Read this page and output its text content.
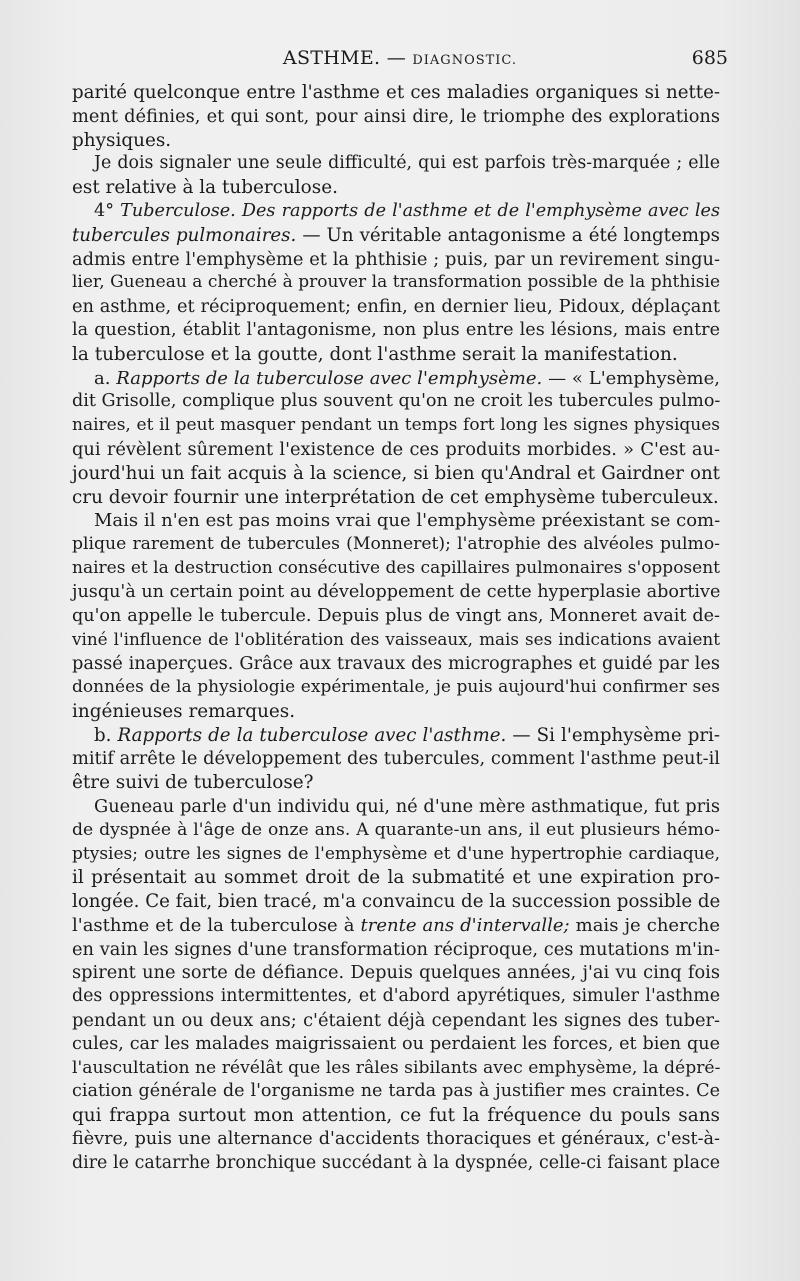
ASTHME. — DIAGNOSTIC.	685
parité quelconque entre l'asthme et ces maladies organiques si nette-
ment définies, et qui sont, pour ainsi dire, le triomphe des explorations
physiques.
Je dois signaler une seule difficulté, qui est parfois très-marquée ; elle
est relative à la tuberculose.
4° Tuberculose. Des rapports de l'asthme et de l'emphysème avec les
tubercules pulmonaires. — Un véritable antagonisme a été longtemps
admis entre l'emphysème et la phthisie ; puis, par un revirement singu-
lier, Gueneau a cherché à prouver la transformation possible de la phthisie
en asthme, et réciproquement; enfin, en dernier lieu, Pidoux, déplaçant
la question, établit l'antagonisme, non plus entre les lésions, mais entre
la tuberculose et la goutte, dont l'asthme serait la manifestation.
a. Rapports de la tuberculose avec l'emphysème. — « L'emphysème,
dit Grisolle, complique plus souvent qu'on ne croit les tubercules pulmo-
naires, et il peut masquer pendant un temps fort long les signes physiques
qui révèlent sûrement l'existence de ces produits morbides. » C'est au-
jourd'hui un fait acquis à la science, si bien qu'Andral et Gairdner ont
cru devoir fournir une interprétation de cet emphysème tuberculeux.
Mais il n'en est pas moins vrai que l'emphysème préexistant se com-
plique rarement de tubercules (Monneret); l'atrophie des alvéoles pulmo-
naires et la destruction consécutive des capillaires pulmonaires s'opposent
jusqu'à un certain point au développement de cette hyperplasie abortive
qu'on appelle le tubercule. Depuis plus de vingt ans, Monneret avait de-
viné l'influence de l'oblitération des vaisseaux, mais ses indications avaient
passé inaperçues. Grâce aux travaux des micrographes et guidé par les
données de la physiologie expérimentale, je puis aujourd'hui confirmer ses
ingénieuses remarques.
b. Rapports de la tuberculose avec l'asthme. — Si l'emphysème pri-
mitif arrête le développement des tubercules, comment l'asthme peut-il
être suivi de tuberculose?
Gueneau parle d'un individu qui, né d'une mère asthmatique, fut pris
de dyspnée à l'âge de onze ans. A quarante-un ans, il eut plusieurs hémo-
ptysies; outre les signes de l'emphysème et d'une hypertrophie cardiaque,
il présentait au sommet droit de la submatité et une expiration pro-
longée. Ce fait, bien tracé, m'a convaincu de la succession possible de
l'asthme et de la tuberculose à trente ans d'intervalle; mais je cherche
en vain les signes d'une transformation réciproque, ces mutations m'in-
spirent une sorte de défiance. Depuis quelques années, j'ai vu cinq fois
des oppressions intermittentes, et d'abord apyrétiques, simuler l'asthme
pendant un ou deux ans; c'étaient déjà cependant les signes des tuber-
cules, car les malades maigrissaient ou perdaient les forces, et bien que
l'auscultation ne révélât que les râles sibilants avec emphysème, la dépré-
ciation générale de l'organisme ne tarda pas à justifier mes craintes. Ce
qui frappa surtout mon attention, ce fut la fréquence du pouls sans
fièvre, puis une alternance d'accidents thoraciques et généraux, c'est-à-
dire le catarrhe bronchique succédant à la dyspnée, celle-ci faisant place
